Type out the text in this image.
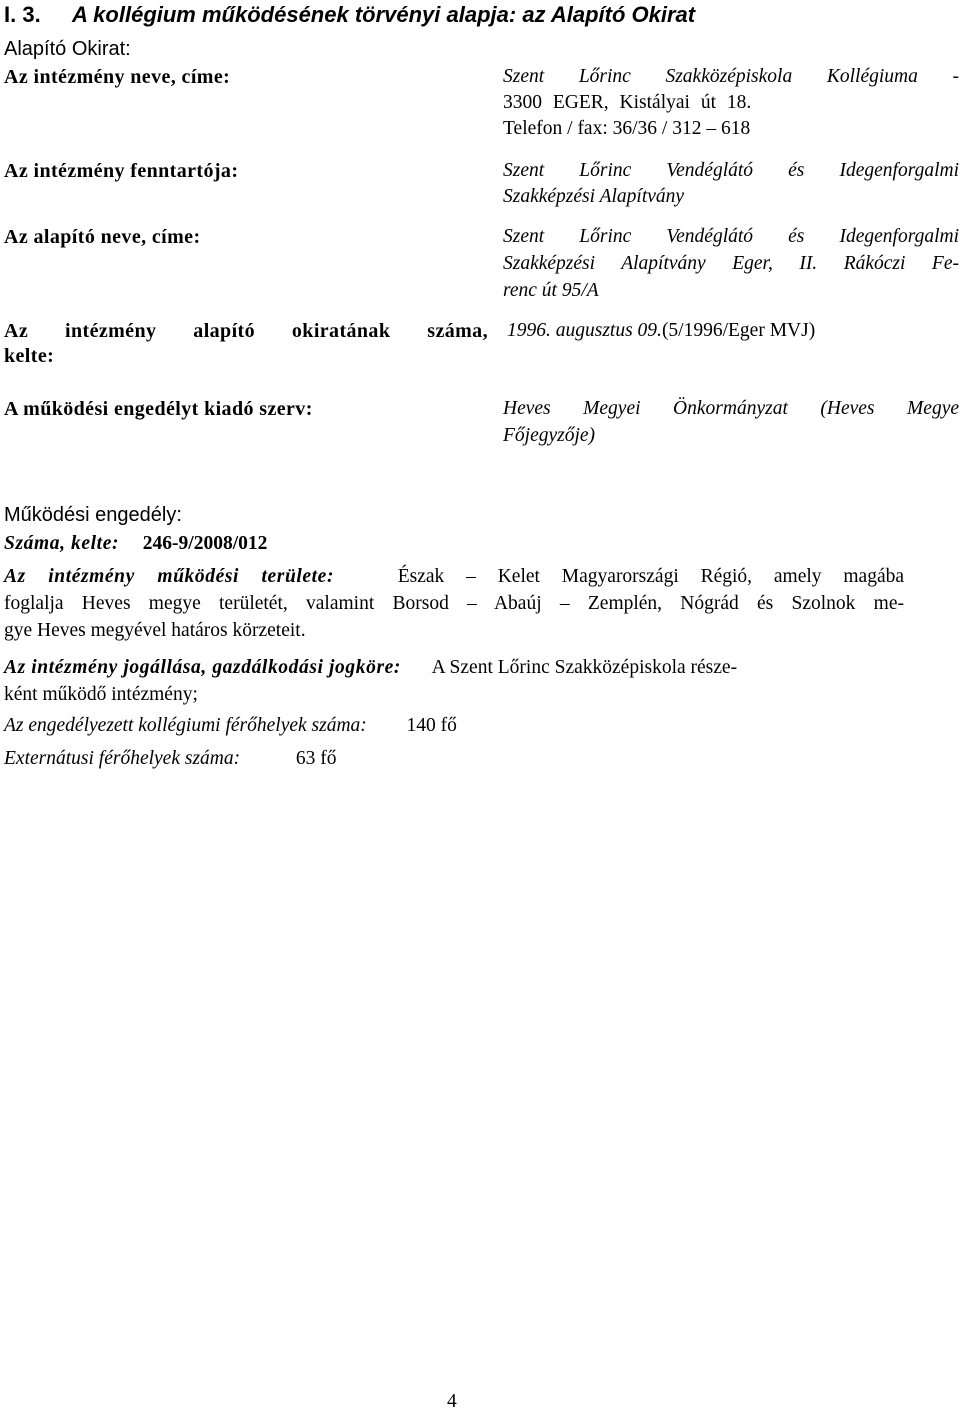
I. 3. A kollégium működésének törvényi alapja: az Alapító Okirat
Alapító Okirat:
Az intézmény neve, címe:	Szent Lőrinc Szakközépiskola Kollégiuma -
3300 EGER, Kistályai út 18.
Telefon / fax: 36/36 / 312 – 618
Az intézmény fenntartója:	Szent Lőrinc Vendéglátó és Idegenforgalmi
Szakképzési Alapítvány
Az alapító neve, címe:	Szent Lőrinc Vendéglátó és Idegenforgalmi
Szakképzési Alapítvány Eger, II. Rákóczi Fe-
renc út 95/A
Az intézmény alapító okiratának száma,
kelte:
1996. augusztus 09.(5/1996/Eger MVJ)
A működési engedélyt kiadó szerv:	Heves Megyei Önkormányzat (Heves Megye
Főjegyzője)
Működési engedély:
Száma, kelte: 246-9/2008/012
Az intézmény működési területe:	Észak – Kelet Magyarországi Régió, amely magába
foglalja Heves megye területét, valamint Borsod – Abaúj – Zemplén, Nógrád és Szolnok me-
gye Heves megyével határos körzeteit.
Az intézmény jogállása, gazdálkodási jogköre: A Szent Lőrinc Szakközépiskola része-
ként működő intézmény;
Az engedélyezett kollégiumi férőhelyek száma: 140 fő
Externátusi férőhelyek száma:	63 fő
4
